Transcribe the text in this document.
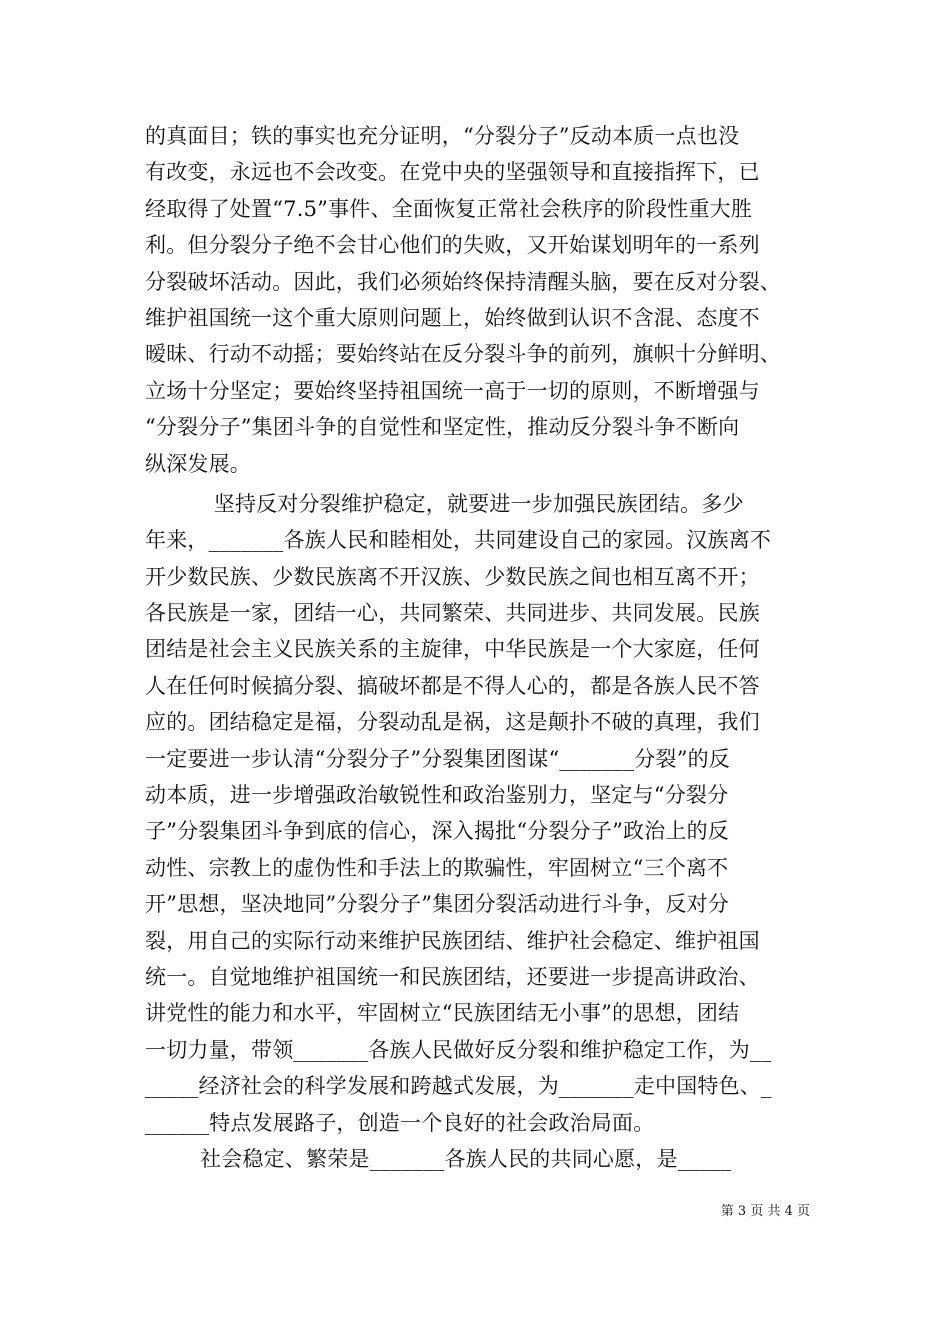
的真面目；铁的事实也充分证明，“分裂分子”反动本质一点也没
有改变，永远也不会改变。在党中央的坚强领导和直接指挥下，已
经取得了处置“7.5”事件、全面恢复正常社会秩序的阶段性重大胜
利。但分裂分子绝不会甘心他们的失败，又开始谋划明年的一系列
分裂破坏活动。因此，我们必须始终保持清醒头脑，要在反对分裂、
维护祖国统一这个重大原则问题上，始终做到认识不含混、态度不
暧昧、行动不动摇；要始终站在反分裂斗争的前列，旗帜十分鲜明、
立场十分坚定；要始终坚持祖国统一高于一切的原则，不断增强与
“分裂分子”集团斗争的自觉性和坚定性，推动反分裂斗争不断向
纵深发展。
坚持反对分裂维护稳定，就要进一步加强民族团结。多少
年来，_______各族人民和睦相处，共同建设自己的家园。汉族离不
开少数民族、少数民族离不开汉族、少数民族之间也相互离不开；
各民族是一家，团结一心，共同繁荣、共同进步、共同发展。民族
团结是社会主义民族关系的主旋律，中华民族是一个大家庭，任何
人在任何时候搞分裂、搞破坏都是不得人心的，都是各族人民不答
应的。团结稳定是福，分裂动乱是祸，这是颠扑不破的真理，我们
一定要进一步认清“分裂分子”分裂集团图谋“_______分裂”的反
动本质，进一步增强政治敏锐性和政治鉴别力，坚定与“分裂分
子”分裂集团斗争到底的信心，深入揭批“分裂分子”政治上的反
动性、宗教上的虚伪性和手法上的欺骗性，牢固树立“三个离不
开”思想，坚决地同”分裂分子”集团分裂活动进行斗争，反对分
裂，用自己的实际行动来维护民族团结、维护社会稳定、维护祖国
统一。自觉地维护祖国统一和民族团结，还要进一步提高讲政治、
讲党性的能力和水平，牢固树立“民族团结无小事”的思想，团结
一切力量，带领_______各族人民做好反分裂和维护稳定工作，为__
_____经济社会的科学发展和跨越式发展，为_______走中国特色、_
______特点发展路子，创造一个良好的社会政治局面。
社会稳定、繁荣是_______各族人民的共同心愿，是_____
第 3 页 共 4 页
